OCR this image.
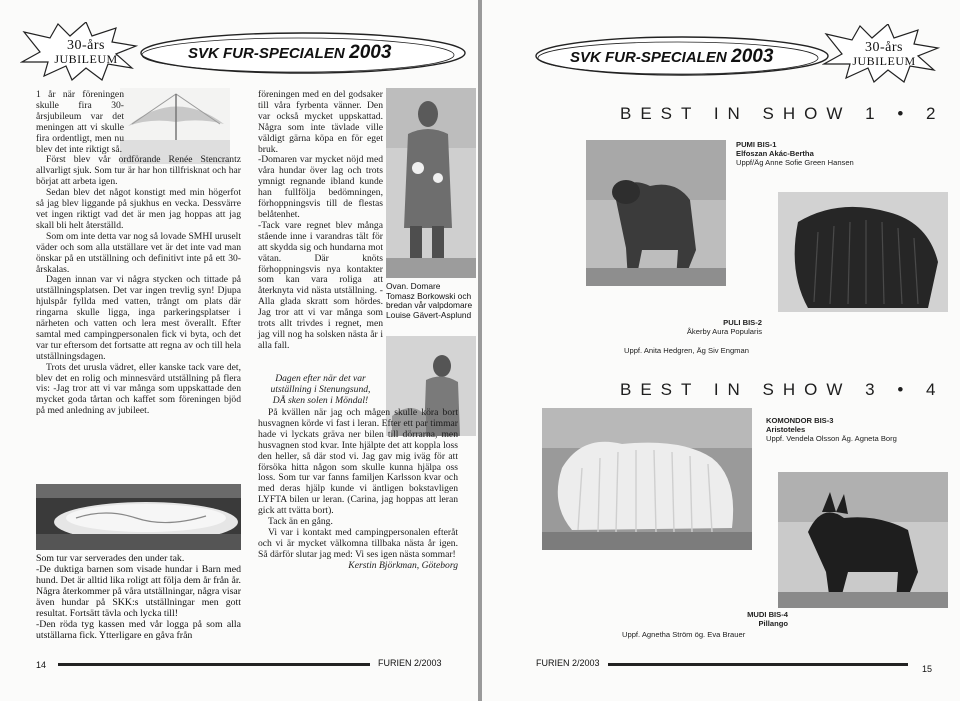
30-års
JUBILEUM	SVK FUR-SPECIALEN 2003

1 år när föreningen skulle fira 30-årsjubileum var det meningen att vi skulle fira ordentligt, men nu blev det inte riktigt så.

Först blev vår ordförande Renée Stencrantz allvarligt sjuk. Som tur är har hon tillfrisknat och har börjat att arbeta igen.

Sedan blev det något konstigt med min högerfot så jag blev liggande på sjukhus en vecka. Dessvärre vet ingen riktigt vad det är men jag hoppas att jag skall bli helt återställd.

Som om inte detta var nog så lovade SMHI uruselt väder och som alla utställare vet är det inte vad man önskar på en utställning och definitivt inte på ett 30-årskalas.

Dagen innan var vi några stycken och tittade på utställningsplatsen. Det var ingen trevlig syn! Djupa hjulspår fyllda med vatten, trångt om plats där ringarna skulle ligga, inga parkeringsplatser i närheten och vatten och lera mest överallt. Efter samtal med campingpersonalen fick vi byta, och det var tur eftersom det fortsatte att regna av och till hela utställningsdagen.

Trots det urusla vädret, eller kanske tack vare det, blev det en rolig och minnesvärd utställning på flera vis: -Jag tror att vi var många som uppskattade den mycket goda tårtan och kaffet som föreningen bjöd på med anledning av jubileet.

Som tur var serverades den under tak.

-De duktiga barnen som visade hundar i Barn med hund. Det är alltid lika roligt att följa dem år från år. Några återkommer på våra utställningar, några visar även hundar på SKK:s utställningar men gott resultat. Fortsätt tävla och lycka till!

-Den röda tyg kassen med vår logga på som alla utställarna fick. Ytterligare en gåva från

föreningen med en del godsaker till våra fyrbenta vänner. Den var också mycket uppskattad. Några som inte tävlade ville väldigt gärna köpa en för eget bruk.

-Domaren var mycket nöjd med våra hundar över lag och trots ymnigt regnande ibland kunde han fullfölja bedömningen, förhoppningsvis till de flestas belåtenhet.

-Tack vare regnet blev många stående inne i varandras tält för att skydda sig och hundarna mot vätan. Där knöts förhoppningsvis nya kontakter som kan vara roliga att återknyta vid nästa utställning. -Alla glada skratt som hördes. Jag tror att vi var många som trots allt trivdes i regnet, men jag vill nog ha solsken nästa år i alla fall.

Ovan. Domare
Tomasz Borkowski och
bredan vår valpdomare
Louise Gävert-Asplund

Dagen efter när det var

utställning i Stenungsund,

DÅ sken solen i Möndal!

På kvällen när jag och mågen skulle köra bort husvagnen körde vi fast i leran. Efter ett par timmar hade vi lyckats gräva ner bilen till dörrarna, men husvagnen stod kvar. Inte hjälpte det att koppla loss den heller, så där stod vi. Jag gav mig iväg för att försöka hitta någon som skulle kunna hjälpa oss loss. Som tur var fanns familjen Karlsson kvar och med deras hjälp kunde vi äntligen bokstavligen LYFTA bilen ur leran. (Carina, jag hoppas att leran gick att tvätta bort).

Tack än en gång.

Vi var i kontakt med campingpersonalen efteråt och vi är mycket välkomna tillbaka nästa år igen. Så därför slutar jag med: Vi ses igen nästa sommar!

Kerstin Björkman, Göteborg

14	FURIEN 2/2003
SVK FUR-SPECIALEN 2003	30-års
JUBILEUM
BEST IN SHOW 1 • 2
PUMI BIS-1
Elfoszan Akác-Bertha
Uppf/Äg Anne Sofie Green Hansen
PULI BIS-2
Åkerby Aura Popularis
Uppf. Anita Hedgren, Äg Siv Engman
BEST IN SHOW 3 • 4
KOMONDOR BIS-3
Aristoteles
Uppf. Vendela Olsson Äg. Agneta Borg
MUDI BIS-4
Pillango
Uppf. Agnetha Ström ög. Eva Brauer
FURIEN 2/2003
15
